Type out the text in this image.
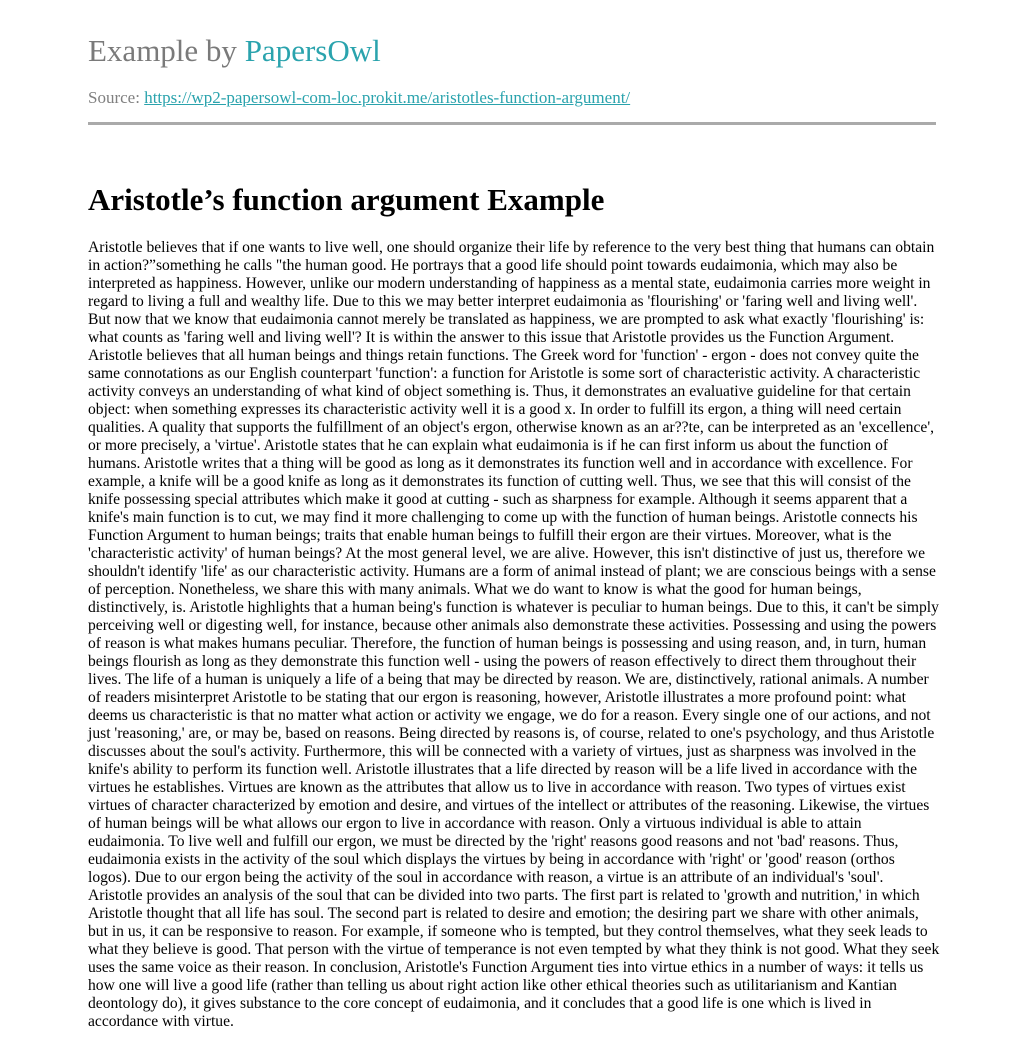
Example by PapersOwl
Source: https://wp2-papersowl-com-loc.prokit.me/aristotles-function-argument/
Aristotle’s function argument Example

Aristotle believes that if one wants to live well, one should organize their life by reference to the very best thing that humans can obtain in action?”something he calls "the human good. He portrays that a good life should point towards eudaimonia, which may also be interpreted as happiness. However, unlike our modern understanding of happiness as a mental state, eudaimonia carries more weight in regard to living a full and wealthy life. Due to this we may better interpret eudaimonia as 'flourishing' or 'faring well and living well'. But now that we know that eudaimonia cannot merely be translated as happiness, we are prompted to ask what exactly 'flourishing' is: what counts as 'faring well and living well'? It is within the answer to this issue that Aristotle provides us the Function Argument. Aristotle believes that all human beings and things retain functions. The Greek word for 'function' - ergon - does not convey quite the same connotations as our English counterpart 'function': a function for Aristotle is some sort of characteristic activity. A characteristic activity conveys an understanding of what kind of object something is. Thus, it demonstrates an evaluative guideline for that certain object: when something expresses its characteristic activity well it is a good x. In order to fulfill its ergon, a thing will need certain qualities. A quality that supports the fulfillment of an object's ergon, otherwise known as an ar??te, can be interpreted as an 'excellence', or more precisely, a 'virtue'. Aristotle states that he can explain what eudaimonia is if he can first inform us about the function of humans. Aristotle writes that a thing will be good as long as it demonstrates its function well and in accordance with excellence. For example, a knife will be a good knife as long as it demonstrates its function of cutting well. Thus, we see that this will consist of the knife possessing special attributes which make it good at cutting - such as sharpness for example. Although it seems apparent that a knife's main function is to cut, we may find it more challenging to come up with the function of human beings. Aristotle connects his Function Argument to human beings; traits that enable human beings to fulfill their ergon are their virtues. Moreover, what is the 'characteristic activity' of human beings? At the most general level, we are alive. However, this isn't distinctive of just us, therefore we shouldn't identify 'life' as our characteristic activity. Humans are a form of animal instead of plant; we are conscious beings with a sense of perception. Nonetheless, we share this with many animals. What we do want to know is what the good for human beings, distinctively, is. Aristotle highlights that a human being's function is whatever is peculiar to human beings. Due to this, it can't be simply perceiving well or digesting well, for instance, because other animals also demonstrate these activities. Possessing and using the powers of reason is what makes humans peculiar. Therefore, the function of human beings is possessing and using reason, and, in turn, human beings flourish as long as they demonstrate this function well - using the powers of reason effectively to direct them throughout their lives. The life of a human is uniquely a life of a being that may be directed by reason. We are, distinctively, rational animals. A number of readers misinterpret Aristotle to be stating that our ergon is reasoning, however, Aristotle illustrates a more profound point: what deems us characteristic is that no matter what action or activity we engage, we do for a reason. Every single one of our actions, and not just 'reasoning,' are, or may be, based on reasons. Being directed by reasons is, of course, related to one's psychology, and thus Aristotle discusses about the soul's activity. Furthermore, this will be connected with a variety of virtues, just as sharpness was involved in the knife's ability to perform its function well. Aristotle illustrates that a life directed by reason will be a life lived in accordance with the virtues he establishes. Virtues are known as the attributes that allow us to live in accordance with reason. Two types of virtues exist virtues of character characterized by emotion and desire, and virtues of the intellect or attributes of the reasoning. Likewise, the virtues of human beings will be what allows our ergon to live in accordance with reason. Only a virtuous individual is able to attain eudaimonia. To live well and fulfill our ergon, we must be directed by the 'right' reasons good reasons and not 'bad' reasons. Thus, eudaimonia exists in the activity of the soul which displays the virtues by being in accordance with 'right' or 'good' reason (orthos logos). Due to our ergon being the activity of the soul in accordance with reason, a virtue is an attribute of an individual's 'soul'. Aristotle provides an analysis of the soul that can be divided into two parts. The first part is related to 'growth and nutrition,' in which Aristotle thought that all life has soul. The second part is related to desire and emotion; the desiring part we share with other animals, but in us, it can be responsive to reason. For example, if someone who is tempted, but they control themselves, what they seek leads to what they believe is good. That person with the virtue of temperance is not even tempted by what they think is not good. What they seek uses the same voice as their reason. In conclusion, Aristotle's Function Argument ties into virtue ethics in a number of ways: it tells us how one will live a good life (rather than telling us about right action like other ethical theories such as utilitarianism and Kantian deontology do), it gives substance to the core concept of eudaimonia, and it concludes that a good life is one which is lived in accordance with virtue.
